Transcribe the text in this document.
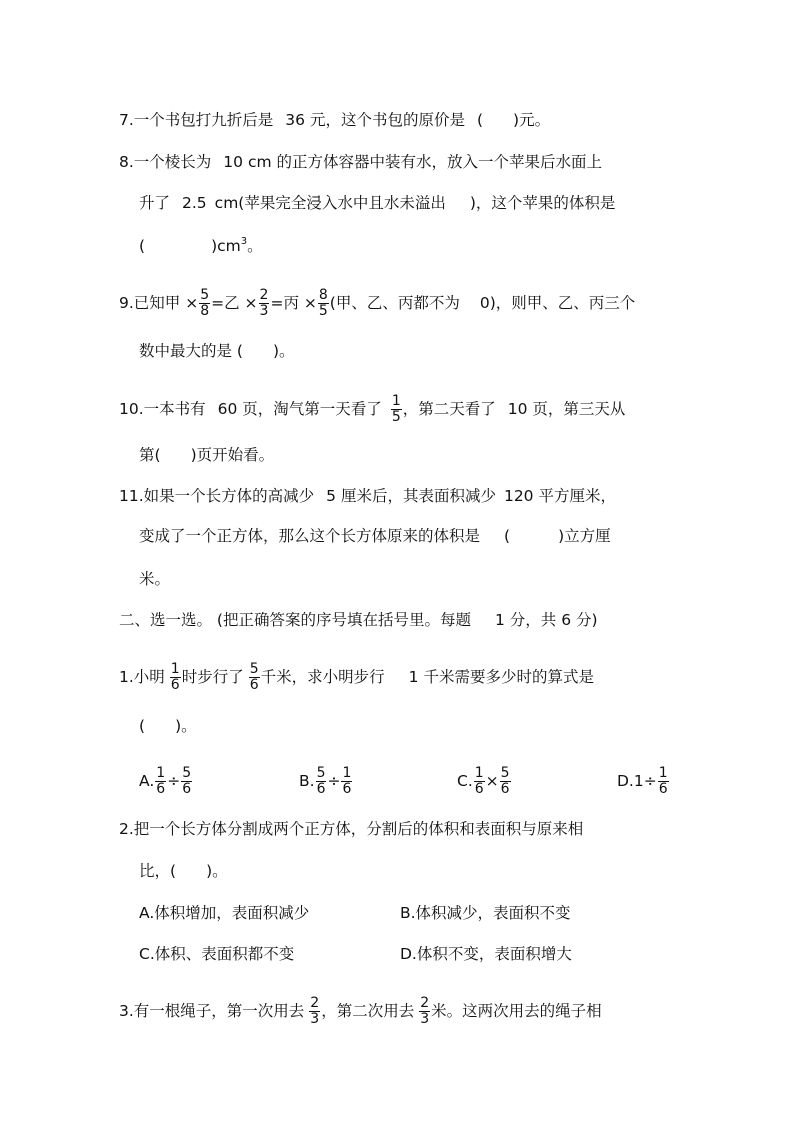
7.一个书包打九折后是 36 元，这个书包的原价是 ( )元。
8.一个棱长为 10 cm 的正方体容器中装有水，放入一个苹果后水面上
升了 2.5 cm(苹果完全浸入水中且水未溢出 )，这个苹果的体积是
(	)$cm^3$。
9.已知甲 × $\frac{5}{8}$ =乙 × $\frac{2}{3}$ =丙 × $\frac{8}{5}$ (甲、乙、丙都不为 0)，则甲、乙、丙三个
数中最大的是 ( )。
10.一本书有 60 页，淘气第一天看了 $\frac{1}{5}$ ，第二天看了 10 页，第三天从
第( )页开始看。
11.如果一个长方体的高减少 5 厘米后，其表面积减少 120 平方厘米，
变成了一个正方体，那么这个长方体原来的体积是 (	)立方厘
米。
二、选一选。 (把正确答案的序号填在括号里。每题 1 分，共 6 分)
1.小明 $\frac{1}{6}$ 时步行了 $\frac{5}{6}$ 千米，求小明步行 1 千米需要多少时的算式是
( )。
A. $\frac{1}{6} \div \frac{5}{6}$	B. $\frac{5}{6} \div \frac{1}{6}$	C. $\frac{1}{6} \times \frac{5}{6}$	$D.1\div \frac{1}{6}$
2.把一个长方体分割成两个正方体，分割后的体积和表面积与原来相
比，( )。
A.体积增加，表面积减少	B.体积减少，表面积不变
C.体积、表面积都不变	D.体积不变，表面积增大
3.有一根绳子，第一次用去 $\frac{2}{3}$ ，第二次用去 $\frac{2}{3}$ 米。这两次用去的绳子相
